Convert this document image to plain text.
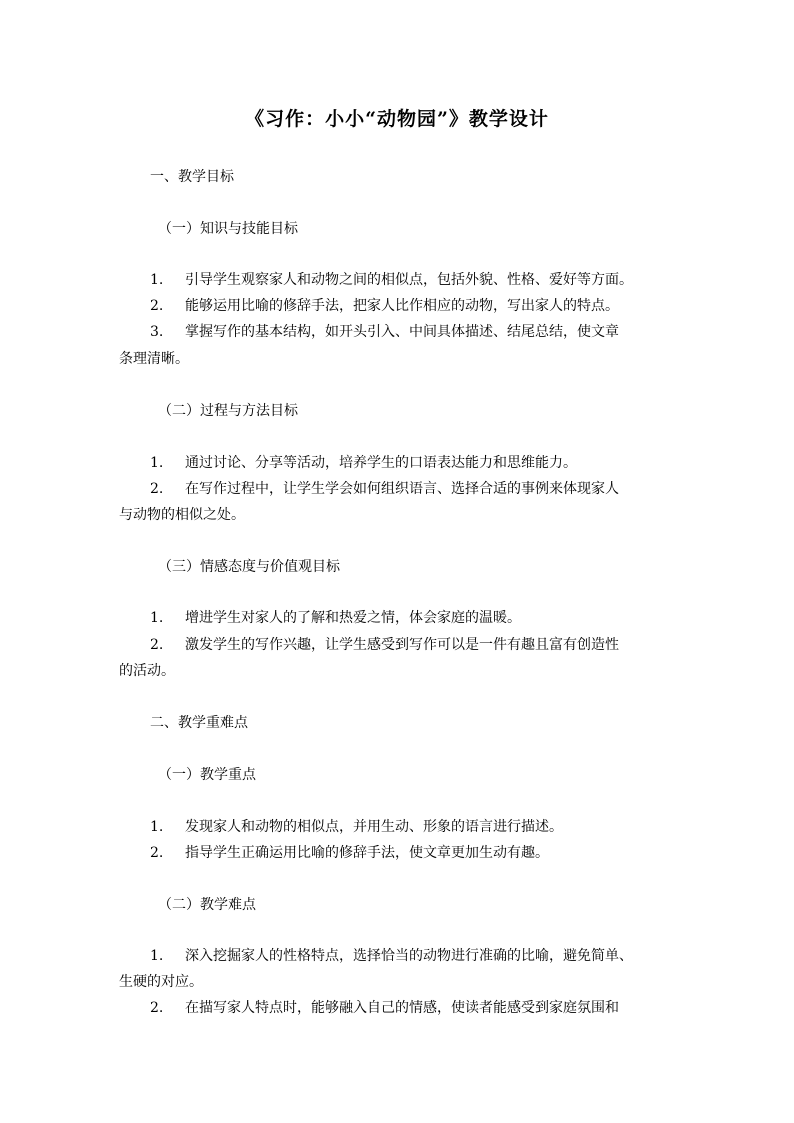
《习作：小小“动物园”》教学设计
一、教学目标
（一）知识与技能目标
1. 引导学生观察家人和动物之间的相似点，包括外貌、性格、爱好等方面。
2. 能够运用比喻的修辞手法，把家人比作相应的动物，写出家人的特点。
3. 掌握写作的基本结构，如开头引入、中间具体描述、结尾总结，使文章
条理清晰。
（二）过程与方法目标
1. 通过讨论、分享等活动，培养学生的口语表达能力和思维能力。
2. 在写作过程中，让学生学会如何组织语言、选择合适的事例来体现家人
与动物的相似之处。
（三）情感态度与价值观目标
1. 增进学生对家人的了解和热爱之情，体会家庭的温暖。
2. 激发学生的写作兴趣，让学生感受到写作可以是一件有趣且富有创造性
的活动。
二、教学重难点
（一）教学重点
1. 发现家人和动物的相似点，并用生动、形象的语言进行描述。
2. 指导学生正确运用比喻的修辞手法，使文章更加生动有趣。
（二）教学难点
1. 深入挖掘家人的性格特点，选择恰当的动物进行准确的比喻，避免简单、
生硬的对应。
2. 在描写家人特点时，能够融入自己的情感，使读者能感受到家庭氛围和
